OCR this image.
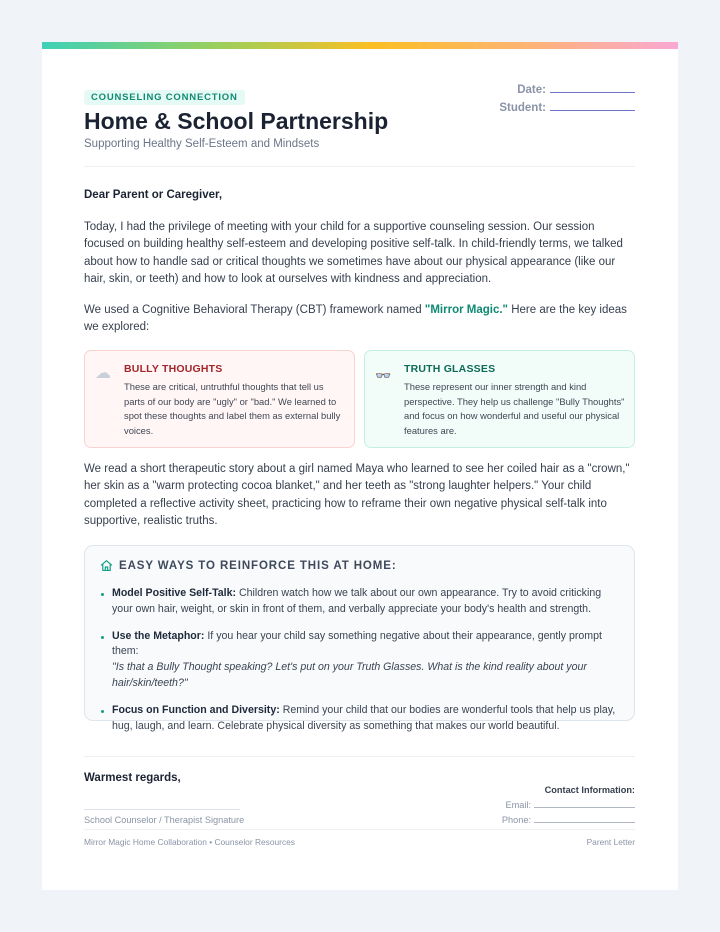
COUNSELING CONNECTION
Home & School Partnership
Supporting Healthy Self-Esteem and Mindsets
Date:
Student:
Dear Parent or Caregiver,

Today, I had the privilege of meeting with your child for a supportive counseling session. Our session focused on building healthy self-esteem and developing positive self-talk. In child-friendly terms, we talked about how to handle sad or critical thoughts we sometimes have about our physical appearance (like our hair, skin, or teeth) and how to look at ourselves with kindness and appreciation.

We used a Cognitive Behavioral Therapy (CBT) framework named "Mirror Magic." Here are the key ideas we explored:

☁ BULLY THOUGHTS
These are critical, untruthful thoughts that tell us parts of our body are "ugly" or "bad." We learned to spot these thoughts and label them as external bully voices.
👓 TRUTH GLASSES
These represent our inner strength and kind perspective. They help us challenge "Bully Thoughts" and focus on how wonderful and useful our physical features are.

We read a short therapeutic story about a girl named Maya who learned to see her coiled hair as a "crown," her skin as a "warm protecting cocoa blanket," and her teeth as "strong laughter helpers." Your child completed a reflective activity sheet, practicing how to reframe their own negative physical self-talk into supportive, realistic truths.

EASY WAYS TO REINFORCE THIS AT HOME:
Model Positive Self-Talk: Children watch how we talk about our own appearance. Try to avoid criticking your own hair, weight, or skin in front of them, and verbally appreciate your body's health and strength.
Use the Metaphor: If you hear your child say something negative about their appearance, gently prompt them:
"Is that a Bully Thought speaking? Let's put on your Truth Glasses. What is the kind reality about your hair/skin/teeth?"
Focus on Function and Diversity: Remind your child that our bodies are wonderful tools that help us play, hug, laugh, and learn. Celebrate physical diversity as something that makes our world beautiful.
Warmest regards,
School Counselor / Therapist Signature
Contact Information:
Email:
Phone:
Mirror Magic Home Collaboration • Counselor Resources	Parent Letter
